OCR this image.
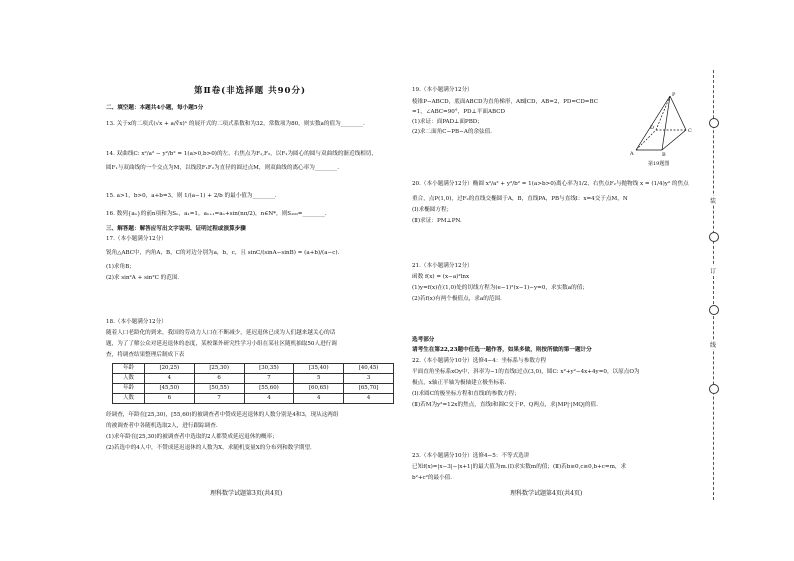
第Ⅱ卷(非选择题 共90分)
二、填空题：本题共4小题，每小题5分
13. 关于x的二项式(√x + a/∛x)ⁿ 的展开式的二项式系数和为32，常数项为80，则实数a的值为________.
14. 双曲线C: x²/a² − y²/b² = 1(a>0,b>0)的左、右焦点为F₁,F₂，以F₁为圆心的圆与双曲线的渐近线相切，
圆F₁与双曲线的一个交点为M，以线段F₁F₂为直径的圆过点M，则双曲线的离心率为________.
15. a>1，b>0，a+b=3，则 1/(a−1) + 2/b 的最小值为________.
16. 数列{aₙ}的前n项和为Sₙ，a₁=1，aₙ₊₁=aₙ+sin(nπ/2)，n∈N*，则S₁₀₀=________.
三、解答题：解答应写出文字说明、证明过程或演算步骤
17.（本小题满分12分）
锐角△ABC中，内角A，B，C的对边分别为a，b，c，且 sinC/(sinA−sinB) = (a+b)/(a−c).
(1)求角B；
(2)求 sin²A + sin²C 的范围.
18.（本小题满分12分）
随着人口老龄化的到来，我国的劳动力人口在不断减少，延迟退休已成为人们越来越关心的话
题，为了了解公众对延迟退休的态度，某校课外研究性学习小组在某社区随机抽取50人进行调
查，将调查结果整理后制成下表
年龄	[20,25)	[25,30)	[30,35)	[35,40)	[40,45)
人数	4	6	7	5	3
年龄	[45,50)	[50,55)	[55,60)	[60,65)	[65,70]
人数	6	7	4	4	4
经调查，年龄在[25,30)，[55,60)的被调查者中赞成延迟退休的人数分别是4和3，现从这两组
的被调查者中各随机选取2人，进行跟踪调查.
(1)求年龄在[25,30)的被调查者中选取的2人都赞成延迟退休的概率；
(2)若选中的4人中，不赞成延迟退休的人数为X，求随机变量X的分布列和数学期望.
理科数学试题第3页(共4页)
19.（本小题满分12分）
棱锥P−ABCD，底面ABCD为直角梯形，AB∥CD，AB=2，PD=CD=BC
=1，∠ABC=90°，PD⊥平面ABCD
(1)求证：面PAD⊥面PBD；
(2)求二面角C−PB−A的余弦值.
20.（本小题满分12分）椭圆 x²/a² + y²/b² = 1(a>b>0)离心率为1/2，右焦点F₂与抛物线 x = (1/4)y² 的焦点
重合，点P(1,0)，过F₂的直线交椭圆于A，B，直线PA，PB与直线l：x=4交于点M，N
(Ⅰ)求椭圆方程；
(Ⅱ)求证：PM⊥PN.
21.（本小题满分12分）
函数 f(x) = (x−a)²lnx
(1)y=f(x)在(1,0)处的切线方程为(e−1)²(x−1)−y=0，求实数a的值；
(2)若f(x)有两个极值点，求a的范围.
选考部分
请考生在第22,23题中任选一题作答，如果多做，则按所做的第一题计分
22.（本小题满分10分）选修4−4：坐标系与参数方程
平面直角坐标系xOy中，斜率为−1的直线l过点(3,0)，圆C: x²+y²−4x+4y=0，以原点O为
极点，x轴正半轴为极轴建立极坐标系.
(Ⅰ)求圆C的极坐标方程和直线l的参数方程；
(Ⅱ)若M为y²=12x的焦点，直线l和圆C交于P，Q两点，求|MP|·|MQ|的值.
23.（本小题满分10分）选修4−5：不等式选讲
已知f(x)=|x−3|−|x+1|的最大值为m.(Ⅰ)求实数m的值；(Ⅱ)若b≥0,c≥0,b+c=m，求
b²+c²的最小值.
P
A	B
C
D
第19题图
理科数学试题第4页(共4页)
装
订
线
